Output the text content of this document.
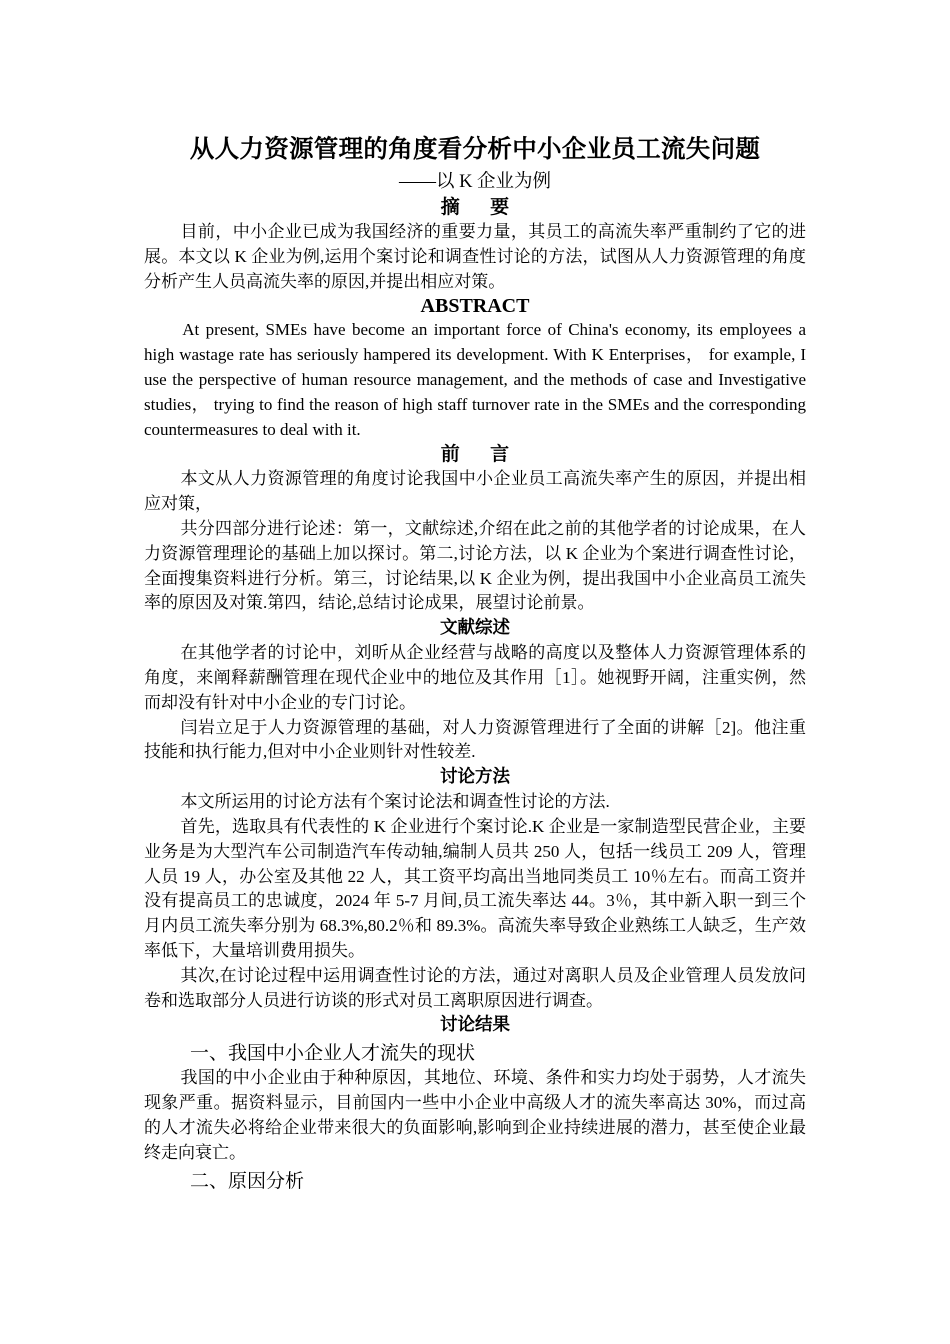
从人力资源管理的角度看分析中小企业员工流失问题
——以 K 企业为例
摘要

目前，中小企业已成为我国经济的重要力量，其员工的高流失率严重制约了它的进展。本文以 K 企业为例,运用个案讨论和调查性讨论的方法，试图从人力资源管理的角度分析产生人员高流失率的原因,并提出相应对策。

ABSTRACT

At present, SMEs have become an important force of China's economy, its employees a high wastage rate has seriously hampered its development. With K Enterprises， for example, I use the perspective of human resource management, and the methods of case and Investigative studies， trying to find the reason of high staff turnover rate in the SMEs and the corresponding countermeasures to deal with it.

前言

本文从人力资源管理的角度讨论我国中小企业员工高流失率产生的原因，并提出相应对策，

共分四部分进行论述：第一，文献综述,介绍在此之前的其他学者的讨论成果，在人力资源管理理论的基础上加以探讨。第二,讨论方法，以 K 企业为个案进行调查性讨论，全面搜集资料进行分析。第三，讨论结果,以 K 企业为例，提出我国中小企业高员工流失率的原因及对策.第四，结论,总结讨论成果，展望讨论前景。

文献综述

在其他学者的讨论中，刘昕从企业经营与战略的高度以及整体人力资源管理体系的角度，来阐释薪酬管理在现代企业中的地位及其作用［1］。她视野开阔，注重实例，然而却没有针对中小企业的专门讨论。

闫岩立足于人力资源管理的基础，对人力资源管理进行了全面的讲解［2]。他注重技能和执行能力,但对中小企业则针对性较差.

讨论方法

本文所运用的讨论方法有个案讨论法和调查性讨论的方法.

首先，选取具有代表性的 K 企业进行个案讨论.K 企业是一家制造型民营企业，主要业务是为大型汽车公司制造汽车传动轴,编制人员共 250 人，包括一线员工 209 人，管理人员 19 人，办公室及其他 22 人，其工资平均高出当地同类员工 10％左右。而高工资并没有提高员工的忠诚度，2024 年 5-7 月间,员工流失率达 44。3％，其中新入职一到三个月内员工流失率分别为 68.3%,80.2％和 89.3%。高流失率导致企业熟练工人缺乏，生产效率低下，大量培训费用损失。

其次,在讨论过程中运用调查性讨论的方法，通过对离职人员及企业管理人员发放问卷和选取部分人员进行访谈的形式对员工离职原因进行调查。

讨论结果
一、我国中小企业人才流失的现状

我国的中小企业由于种种原因，其地位、环境、条件和实力均处于弱势，人才流失现象严重。据资料显示，目前国内一些中小企业中高级人才的流失率高达 30%，而过高的人才流失必将给企业带来很大的负面影响,影响到企业持续进展的潜力，甚至使企业最终走向衰亡。

二、原因分析
